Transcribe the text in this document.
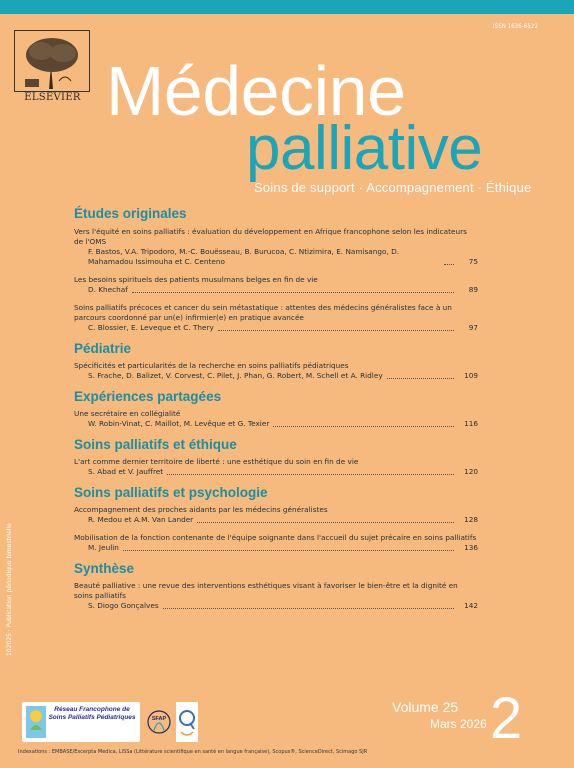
ISSN 1636-6522
ELSEVIER Médecine
palliative
Soins de support · Accompagnement · Éthique

Études originales

Vers l'équité en soins palliatifs : évaluation du développement en Afrique francophone selon les indicateurs de l'OMS

F. Bastos, V.A. Tripodoro, M.-C. Bouësseau, B. Burucoa, C. Ntizimira, E. Namisango, D. Mahamadou Issimouha et C. Centeno	75

Les besoins spirituels des patients musulmans belges en fin de vie

D. Khechaf	89

Soins palliatifs précoces et cancer du sein métastatique : attentes des médecins généralistes face à un parcours coordonné par un(e) infirmier(e) en pratique avancée

C. Blossier, E. Leveque et C. Thery	97

Pédiatrie

Spécificités et particularités de la recherche en soins palliatifs pédiatriques

S. Frache, D. Balizet, V. Corvest, C. Pilet, J. Phan, G. Robert, M. Schell et A. Ridley	109

Expériences partagées

Une secrétaire en collégialité

W. Robin-Vinat, C. Maillot, M. Levêque et G. Texier	116

Soins palliatifs et éthique

L'art comme dernier territoire de liberté : une esthétique du soin en fin de vie

S. Abad et V. Jauffret	120

Soins palliatifs et psychologie

Accompagnement des proches aidants par les médecins généralistes

R. Medou et A.M. Van Lander	128

Mobilisation de la fonction contenante de l'équipe soignante dans l'accueil du sujet précaire en soins palliatifs

M. Jeulin	136

Synthèse

Beauté palliative : une revue des interventions esthétiques visant à favoriser le bien-être et la dignité en soins palliatifs

S. Diogo Gonçalves	142
102025 · Publication périodique bimestrielle
Réseau Francophone de Soins Palliatifs Pédiatriques	SFAP
Volume 25
Mars 2026 2
Indexations : EMBASE/Excerpta Medica, LiSSa (Littérature scientifique en santé en langue française), Scopus®, ScienceDirect, Scimago SJR
